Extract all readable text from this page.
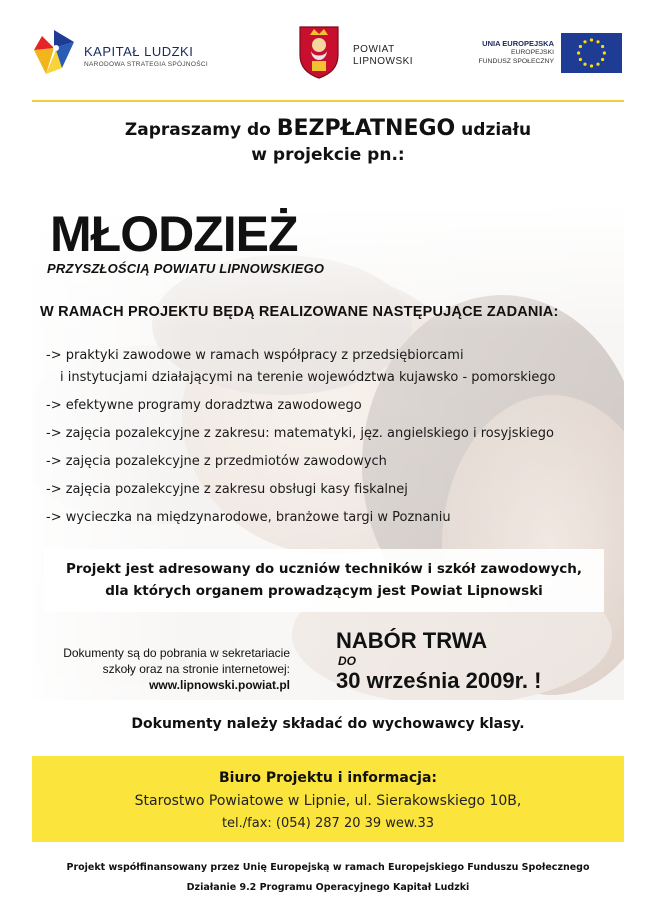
KAPITAŁ LUDZKI
NARODOWA STRATEGIA SPÓJNOŚCI
POWIAT
LIPNOWSKI
UNIA EUROPEJSKA
EUROPEJSKI
FUNDUSZ SPOŁECZNY
Zapraszamy do BEZPŁATNEGO udziału
w projekcie pn.:
MŁODZIEŻ
PRZYSZŁOŚCIĄ POWIATU LIPNOWSKIEGO
W RAMACH PROJEKTU BĘDĄ REALIZOWANE NASTĘPUJĄCE ZADANIA:
-> praktyki zawodowe w ramach współpracy z przedsiębiorcami
i instytucjami działającymi na terenie województwa kujawsko - pomorskiego
-> efektywne programy doradztwa zawodowego
-> zajęcia pozalekcyjne z zakresu: matematyki, jęz. angielskiego i rosyjskiego
-> zajęcia pozalekcyjne z przedmiotów zawodowych
-> zajęcia pozalekcyjne z zakresu obsługi kasy fiskalnej
-> wycieczka na międzynarodowe, branżowe targi w Poznaniu
Projekt jest adresowany do uczniów techników i szkół zawodowych,
dla których organem prowadzącym jest Powiat Lipnowski
Dokumenty są do pobrania w sekretariacie
szkoły oraz na stronie internetowej:
www.lipnowski.powiat.pl
NABÓR TRWA
DO
30 września 2009r. !
Dokumenty należy składać do wychowawcy klasy.
Biuro Projektu i informacja:
Starostwo Powiatowe w Lipnie, ul. Sierakowskiego 10B,
tel./fax: (054) 287 20 39 wew.33
Projekt współfinansowany przez Unię Europejską w ramach Europejskiego Funduszu Społecznego
Działanie 9.2 Programu Operacyjnego Kapitał Ludzki
